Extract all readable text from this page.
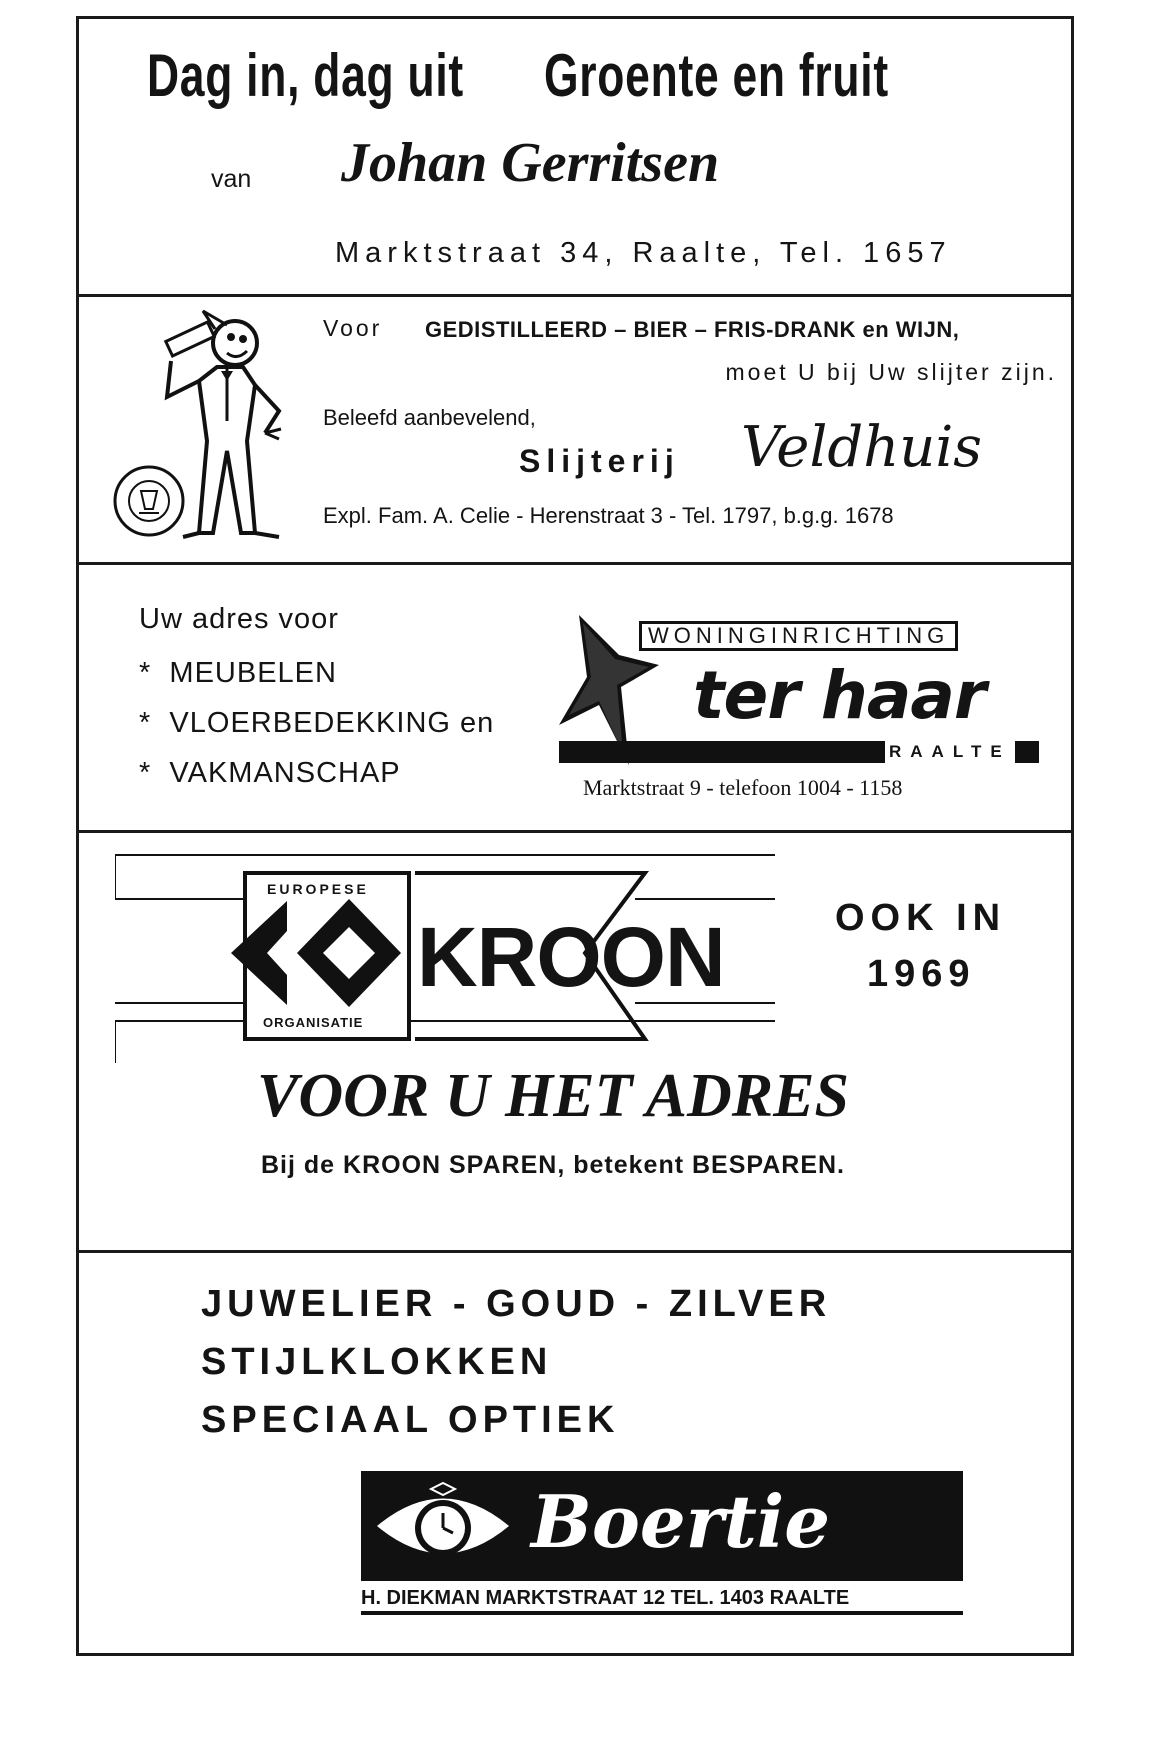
Dag in, dag uit Groente en fruit
van Johan Gerritsen
Marktstraat 34, Raalte, Tel. 1657
Voor GEDISTILLEERD – BIER – FRIS-DRANK en WIJN,
moet U bij Uw slijter zijn.
Beleefd aanbevelend,
Slijterij Veldhuis
Expl. Fam. A. Celie - Herenstraat 3 - Tel. 1797, b.g.g. 1678
Uw adres voor
* MEUBELEN
* VLOERBEDEKKING en
* VAKMANSCHAP
WONINGINRICHTING
ter haar
RAALTE
Marktstraat 9 - telefoon 1004 - 1158
EUROPESE
ORGANISATIE
KROON	OOK IN
1969
VOOR U HET ADRES
Bij de KROON SPAREN, betekent BESPAREN.
JUWELIER - GOUD - ZILVER
STIJLKLOKKEN
SPECIAAL OPTIEK
Boertie
H. DIEKMAN MARKTSTRAAT 12 TEL. 1403 RAALTE
